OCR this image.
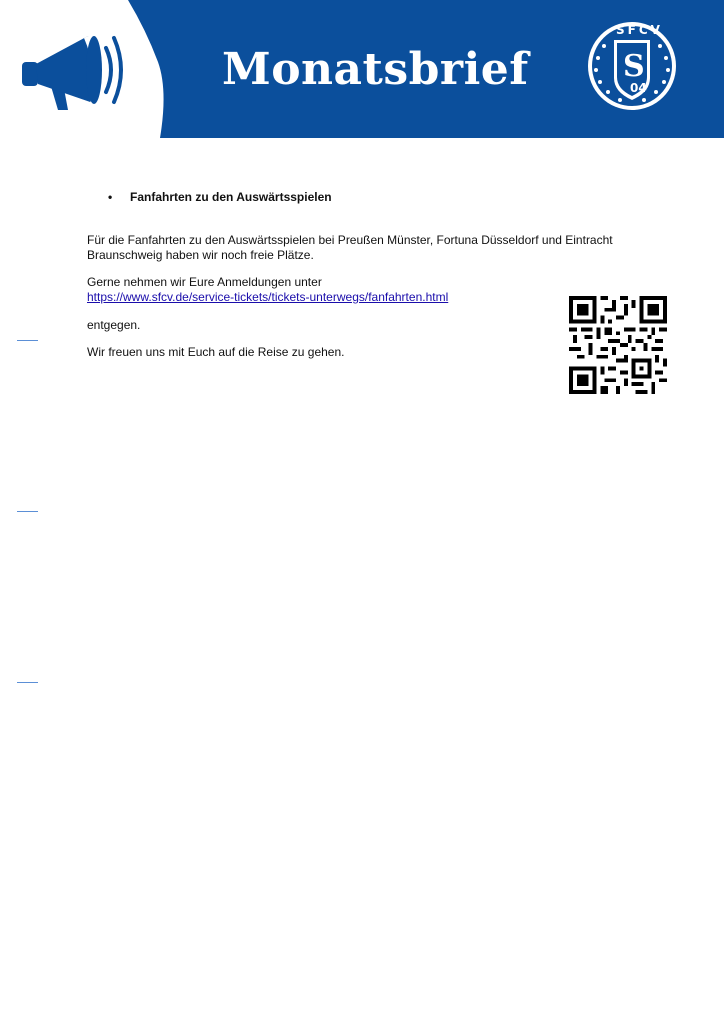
Monatsbrief	S
04
SFCV
• Fanfahrten zu den Auswärtsspielen
Für die Fanfahrten zu den Auswärtsspielen bei Preußen Münster, Fortuna Düsseldorf und Eintracht
Braunschweig haben wir noch freie Plätze.
Gerne nehmen wir Eure Anmeldungen unter
https://www.sfcv.de/service-tickets/tickets-unterwegs/fanfahrten.html
entgegen.
Wir freuen uns mit Euch auf die Reise zu gehen.
